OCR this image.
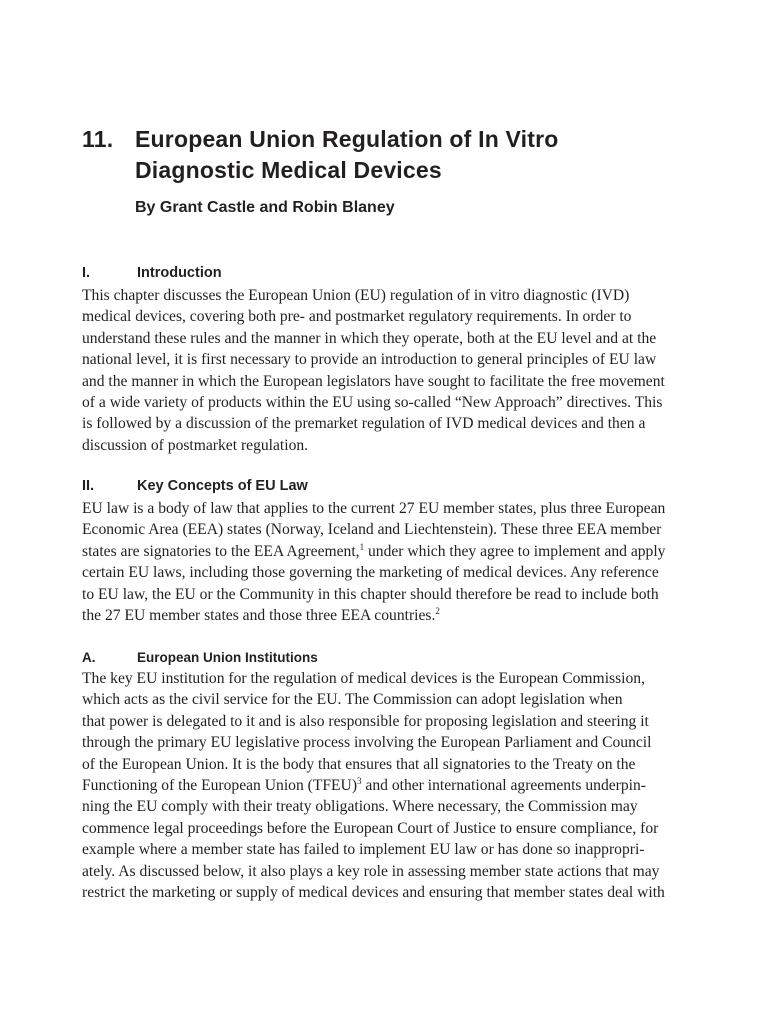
11. European Union Regulation of In Vitro
Diagnostic Medical Devices

By Grant Castle and Robin Blaney

I.	Introduction

This chapter discusses the European Union (EU) regulation of in vitro diagnostic (IVD)
medical devices, covering both pre- and postmarket regulatory requirements. In order to
understand these rules and the manner in which they operate, both at the EU level and at the
national level, it is first necessary to provide an introduction to general principles of EU law
and the manner in which the European legislators have sought to facilitate the free movement
of a wide variety of products within the EU using so-called “New Approach” directives. This
is followed by a discussion of the premarket regulation of IVD medical devices and then a
discussion of postmarket regulation.

II.	Key Concepts of EU Law

EU law is a body of law that applies to the current 27 EU member states, plus three European
Economic Area (EEA) states (Norway, Iceland and Liechtenstein). These three EEA member
states are signatories to the EEA Agreement,$^1$ under which they agree to implement and apply
certain EU laws, including those governing the marketing of medical devices. Any reference
to EU law, the EU or the Community in this chapter should therefore be read to include both
the 27 EU member states and those three EEA countries.$^2$

A.	European Union Institutions

The key EU institution for the regulation of medical devices is the European Commission,
which acts as the civil service for the EU. The Commission can adopt legislation when
that power is delegated to it and is also responsible for proposing legislation and steering it
through the primary EU legislative process involving the European Parliament and Council
of the European Union. It is the body that ensures that all signatories to the Treaty on the
Functioning of the European Union (TFEU)$^3$ and other international agreements underpin-
ning the EU comply with their treaty obligations. Where necessary, the Commission may
commence legal proceedings before the European Court of Justice to ensure compliance, for
example where a member state has failed to implement EU law or has done so inappropri-
ately. As discussed below, it also plays a key role in assessing member state actions that may
restrict the marketing or supply of medical devices and ensuring that member states deal with
